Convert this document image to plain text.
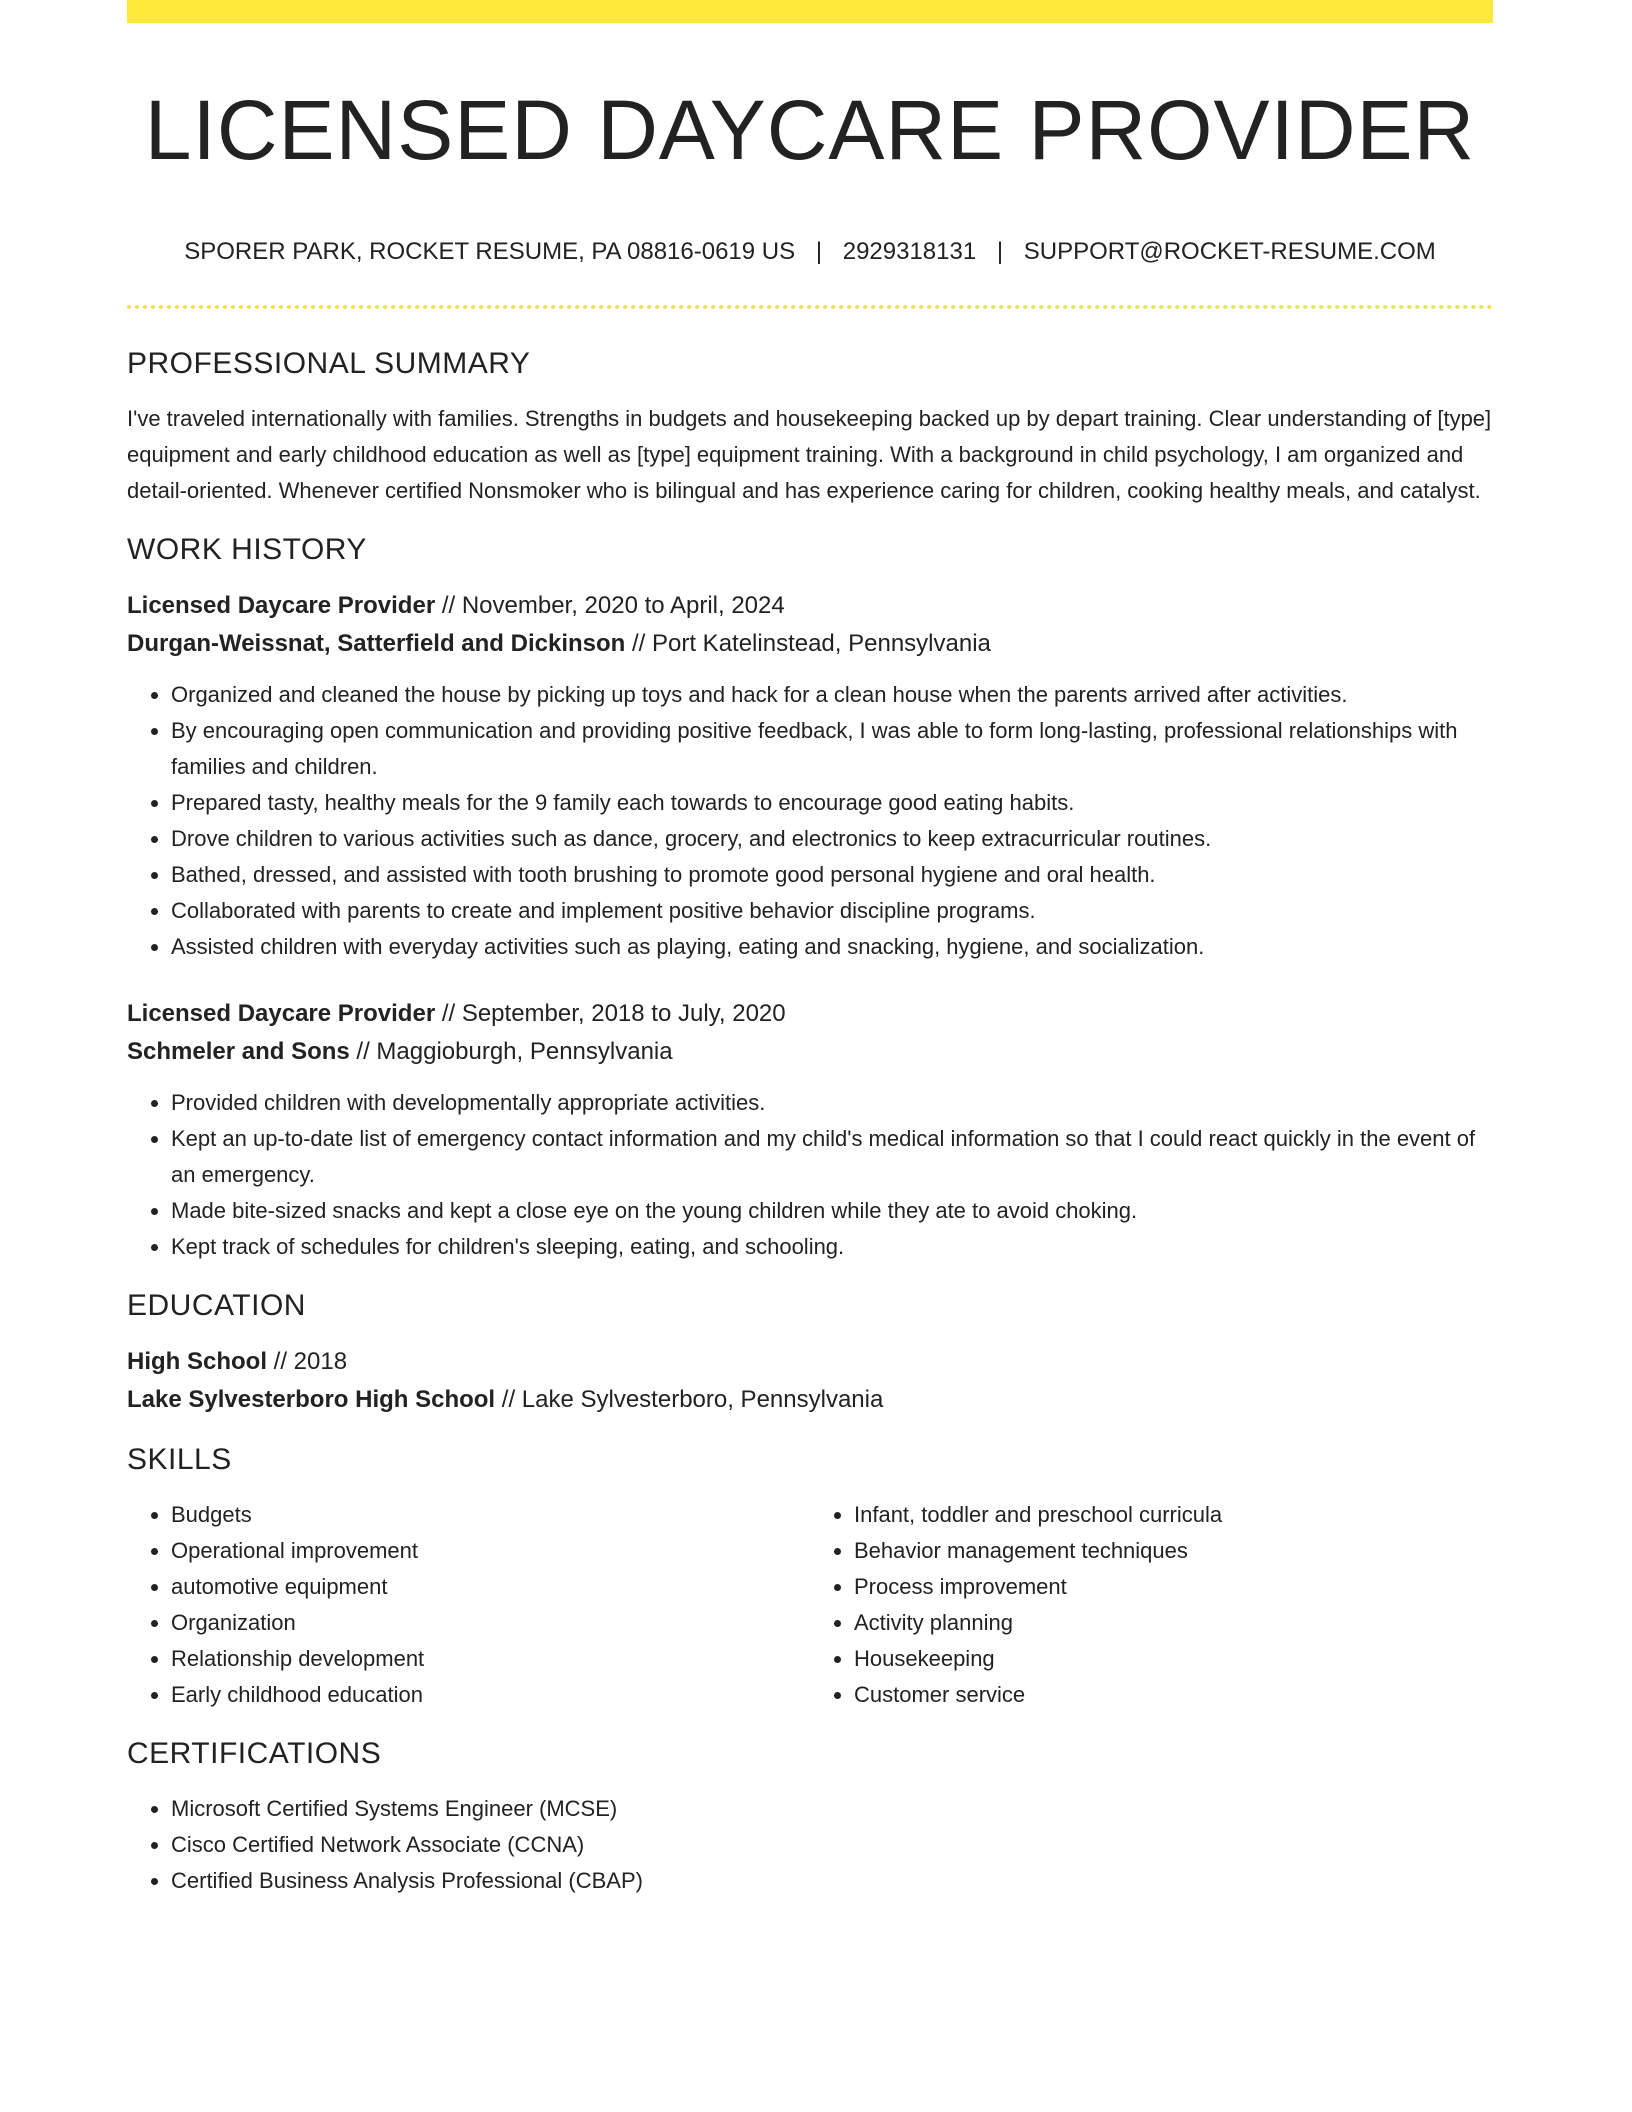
LICENSED DAYCARE PROVIDER
SPORER PARK, ROCKET RESUME, PA 08816-0619 US | 2929318131 | SUPPORT@ROCKET-RESUME.COM
PROFESSIONAL SUMMARY

I've traveled internationally with families. Strengths in budgets and housekeeping backed up by depart training. Clear understanding of [type] equipment and early childhood education as well as [type] equipment training. With a background in child psychology, I am organized and detail-oriented. Whenever certified Nonsmoker who is bilingual and has experience caring for children, cooking healthy meals, and catalyst.

WORK HISTORY

Licensed Daycare Provider // November, 2020 to April, 2024

Durgan-Weissnat, Satterfield and Dickinson // Port Katelinstead, Pennsylvania

• Organized and cleaned the house by picking up toys and hack for a clean house when the parents arrived after activities.
• By encouraging open communication and providing positive feedback, I was able to form long-lasting, professional relationships with families and children.
• Prepared tasty, healthy meals for the 9 family each towards to encourage good eating habits.
• Drove children to various activities such as dance, grocery, and electronics to keep extracurricular routines.
• Bathed, dressed, and assisted with tooth brushing to promote good personal hygiene and oral health.
• Collaborated with parents to create and implement positive behavior discipline programs.
• Assisted children with everyday activities such as playing, eating and snacking, hygiene, and socialization.

Licensed Daycare Provider // September, 2018 to July, 2020

Schmeler and Sons // Maggioburgh, Pennsylvania

• Provided children with developmentally appropriate activities.
• Kept an up-to-date list of emergency contact information and my child's medical information so that I could react quickly in the event of an emergency.
• Made bite-sized snacks and kept a close eye on the young children while they ate to avoid choking.
• Kept track of schedules for children's sleeping, eating, and schooling.
EDUCATION

High School // 2018

Lake Sylvesterboro High School // Lake Sylvesterboro, Pennsylvania

SKILLS
• Budgets
• Operational improvement
• automotive equipment
• Organization
• Relationship development
• Early childhood education
• Infant, toddler and preschool curricula
• Behavior management techniques
• Process improvement
• Activity planning
• Housekeeping
• Customer service
CERTIFICATIONS
• Microsoft Certified Systems Engineer (MCSE)
• Cisco Certified Network Associate (CCNA)
• Certified Business Analysis Professional (CBAP)
